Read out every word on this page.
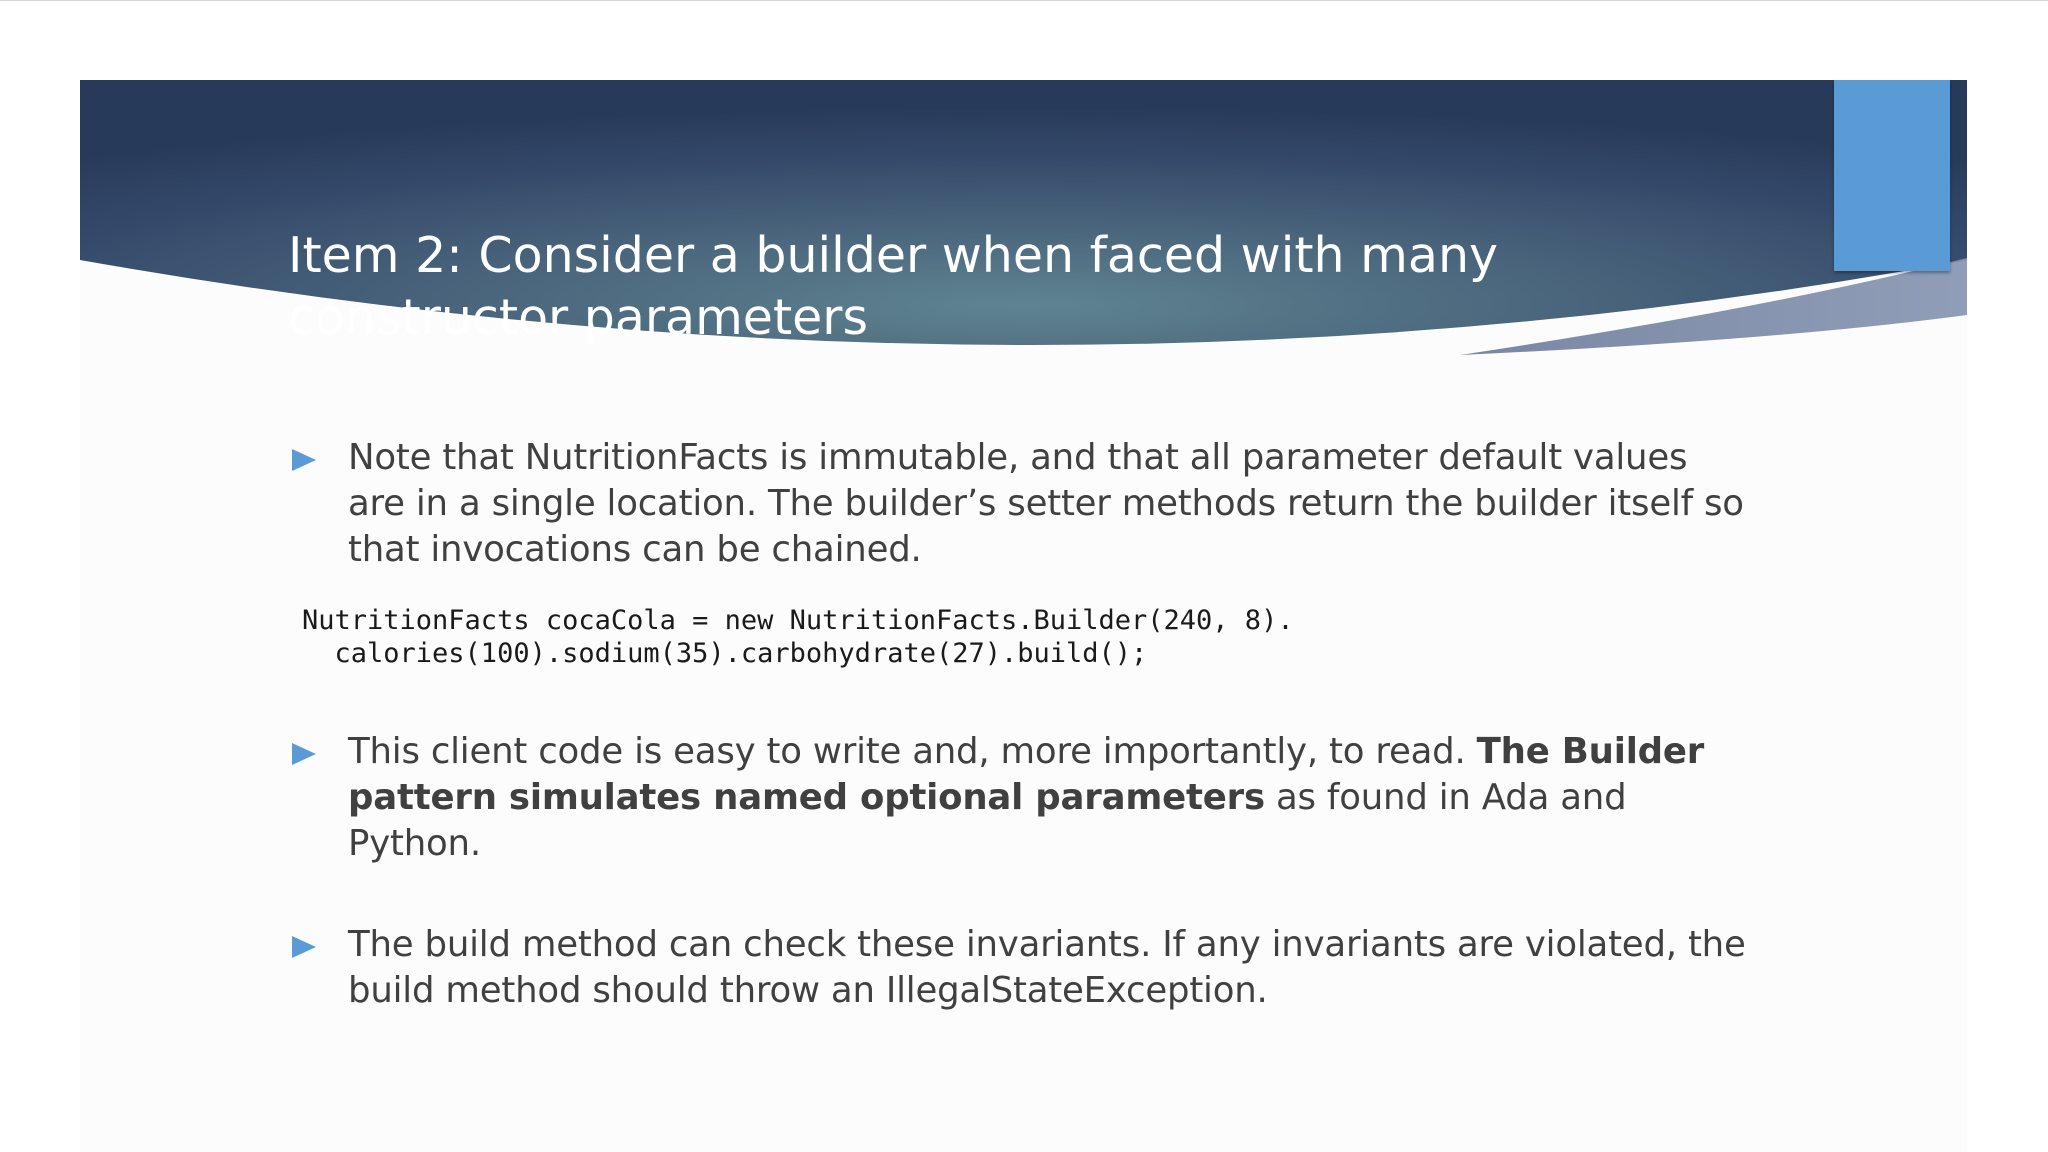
Item 2: Consider a builder when faced with many constructor parameters
Note that NutritionFacts is immutable, and that all parameter default values are in a single location. The builder’s setter methods return the builder itself so that invocations can be chained.
This client code is easy to write and, more importantly, to read. The Builder pattern simulates named optional parameters as found in Ada and Python.
The build method can check these invariants. If any invariants are violated, the build method should throw an IllegalStateException.
NutritionFacts cocaCola = new NutritionFacts.Builder(240, 8).
calories(100).sodium(35).carbohydrate(27).build();
